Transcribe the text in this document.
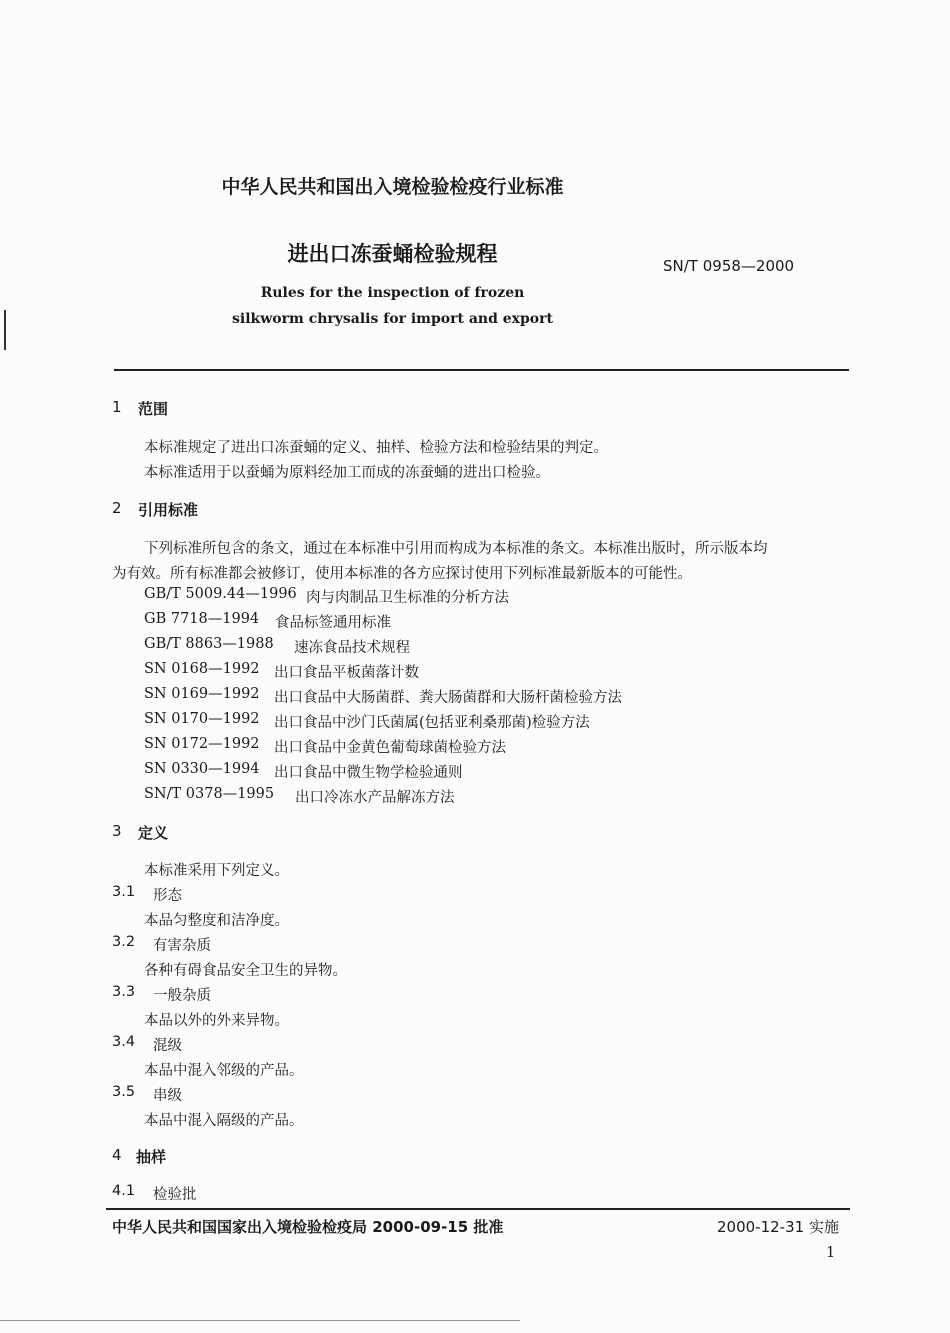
中华人民共和国出入境检验检疫行业标准
进出口冻蚕蛹检验规程	SN/T 0958—2000
Rules for the inspection of frozen
silkworm chrysalis for import and export
1 范围
本标准规定了进出口冻蚕蛹的定义、抽样、检验方法和检验结果的判定。
本标准适用于以蚕蛹为原料经加工而成的冻蚕蛹的进出口检验。
2 引用标准
下列标准所包含的条文，通过在本标准中引用而构成为本标准的条文。本标准出版时，所示版本均
为有效。所有标准都会被修订，使用本标准的各方应探讨使用下列标准最新版本的可能性。
GB/T 5009.44—1996 肉与肉制品卫生标准的分析方法
GB 7718—1994 食品标签通用标准
GB/T 8863—1988 速冻食品技术规程
SN 0168—1992 出口食品平板菌落计数
SN 0169—1992 出口食品中大肠菌群、粪大肠菌群和大肠杆菌检验方法
SN 0170—1992 出口食品中沙门氏菌属(包括亚利桑那菌)检验方法
SN 0172—1992 出口食品中金黄色葡萄球菌检验方法
SN 0330—1994 出口食品中微生物学检验通则
SN/T 0378—1995 出口冷冻水产品解冻方法
3 定义
本标准采用下列定义。
3.1 形态
本品匀整度和洁净度。
3.2 有害杂质
各种有碍食品安全卫生的异物。
3.3 一般杂质
本品以外的外来异物。
3.4 混级
本品中混入邻级的产品。
3.5 串级
本品中混入隔级的产品。
4 抽样
4.1 检验批
中华人民共和国国家出入境检验检疫局 2000-09-15 批准	2000-12-31 实施
1
